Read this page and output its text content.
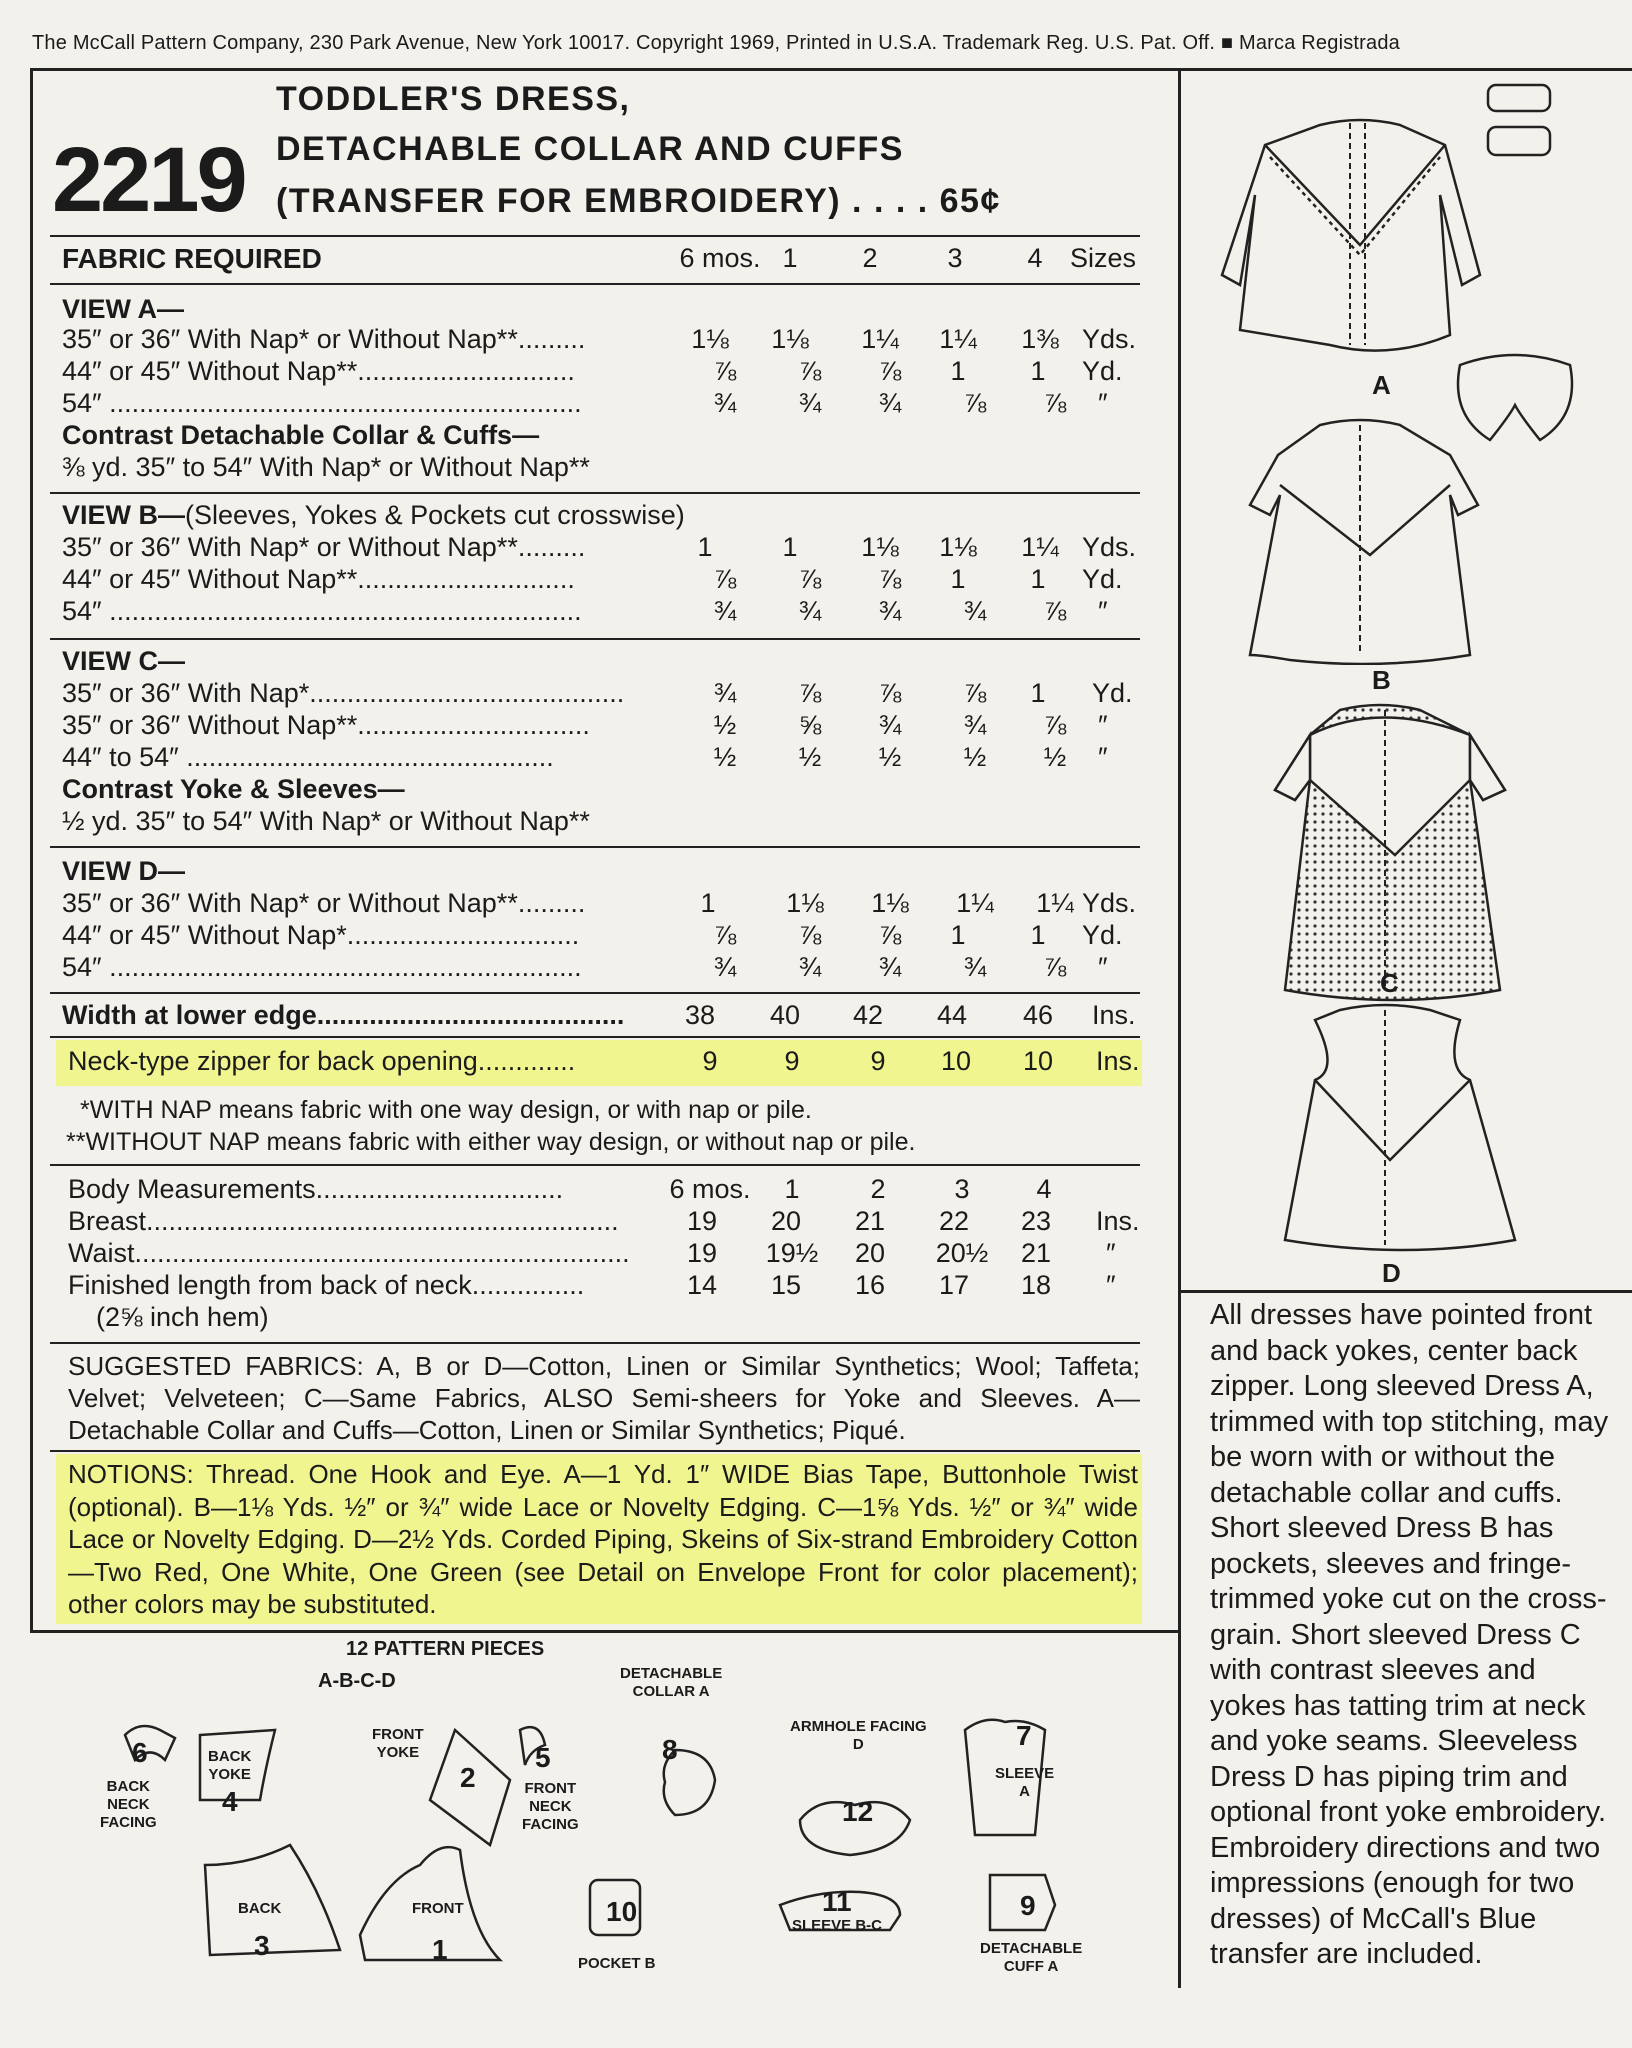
The McCall Pattern Company, 230 Park Avenue, New York 10017. Copyright 1969, Printed in U.S.A. Trademark Reg. U.S. Pat. Off. ■ Marca Registrada
2219
TODDLER'S DRESS,
DETACHABLE COLLAR AND CUFFS
(TRANSFER FOR EMBROIDERY) . . . . 65¢
FABRIC REQUIRED	6 mos. 1	2	3	4	Sizes
VIEW A—
35″ or 36″ With Nap* or Without Nap**.........	1⅛	1⅛	1¼	1¼	1⅜ Yds.
44″ or 45″ Without Nap**.............................	⅞	⅞	⅞	1	1	Yd.
54″ ...............................................................	¾	¾	¾	⅞	⅞	″
Contrast Detachable Collar & Cuffs—
⅜ yd. 35″ to 54″ With Nap* or Without Nap**
VIEW B—(Sleeves, Yokes & Pockets cut crosswise)
35″ or 36″ With Nap* or Without Nap**.........	1	1	1⅛	1⅛	1¼ Yds.
44″ or 45″ Without Nap**.............................	⅞	⅞	⅞	1	1	Yd.
54″ ...............................................................	¾	¾	¾	¾	⅞	″
VIEW C—
35″ or 36″ With Nap*..........................................	¾	⅞	⅞	⅞	1	Yd.
35″ or 36″ Without Nap**...............................	½	⅝	¾	¾	⅞	″
44″ to 54″ .................................................	½	½	½	½	½	″
Contrast Yoke & Sleeves—
½ yd. 35″ to 54″ With Nap* or Without Nap**
VIEW D—
35″ or 36″ With Nap* or Without Nap**.........	1	1⅛	1⅛	1¼	1¼ Yds.
44″ or 45″ Without Nap*...............................	⅞	⅞	⅞	1	1	Yd.
54″ ...............................................................	¾	¾	¾	¾	⅞	″
Width at lower edge.........................................	38	40	42	44	46	Ins.
Neck-type zipper for back opening.............	9	9	9	10	10	Ins.
*WITH NAP means fabric with one way design, or with nap or pile.
**WITHOUT NAP means fabric with either way design, or without nap or pile.
Body Measurements.................................	6 mos.	1	2	3	4
Breast...............................................................	19	20	21	22	23	Ins.
Waist..................................................................	19	19½	20	20½	21	″
Finished length from back of neck...............	14	15	16	17	18	″
(2⅝ inch hem)
SUGGESTED FABRICS: A, B or D—Cotton, Linen or Similar Synthetics; Wool; Taffeta; Velvet; Velveteen; C—Same Fabrics, ALSO Semi-sheers for Yoke and Sleeves. A—Detachable Collar and Cuffs—Cotton, Linen or Similar Synthetics; Piqué.
NOTIONS: Thread. One Hook and Eye. A—1 Yd. 1″ WIDE Bias Tape, Buttonhole Twist (optional). B—1⅛ Yds. ½″ or ¾″ wide Lace or Novelty Edging. C—1⅝ Yds. ½″ or ¾″ wide Lace or Novelty Edging. D—2½ Yds. Corded Piping, Skeins of Six-strand Embroidery Cotton —Two Red, One White, One Green (see Detail on Envelope Front for color placement); other colors may be substituted.
A
B
C
D
All dresses have pointed front and back yokes, center back zipper. Long sleeved Dress A, trimmed with top stitching, may be worn with or without the detachable collar and cuffs. Short sleeved Dress B has pockets, sleeves and fringe-trimmed yoke cut on the cross-grain. Short sleeved Dress C with contrast sleeves and yokes has tatting trim at neck and yoke seams. Sleeveless Dress D has piping trim and optional front yoke embroidery. Embroidery directions and two impressions (enough for two dresses) of McCall's Blue transfer are included.
12 PATTERN PIECES
A-B-C-D
6
BACK
NECK
FACING
4
BACK
YOKE	2
FRONT
YOKE	5
FRONT
NECK
FACING
8
DETACHABLE
COLLAR A
12
ARMHOLE FACING
D	7
SLEEVE
A
BACK
3
FRONT
1
10
POCKET B
11
SLEEVE B-C
9
DETACHABLE
CUFF A
